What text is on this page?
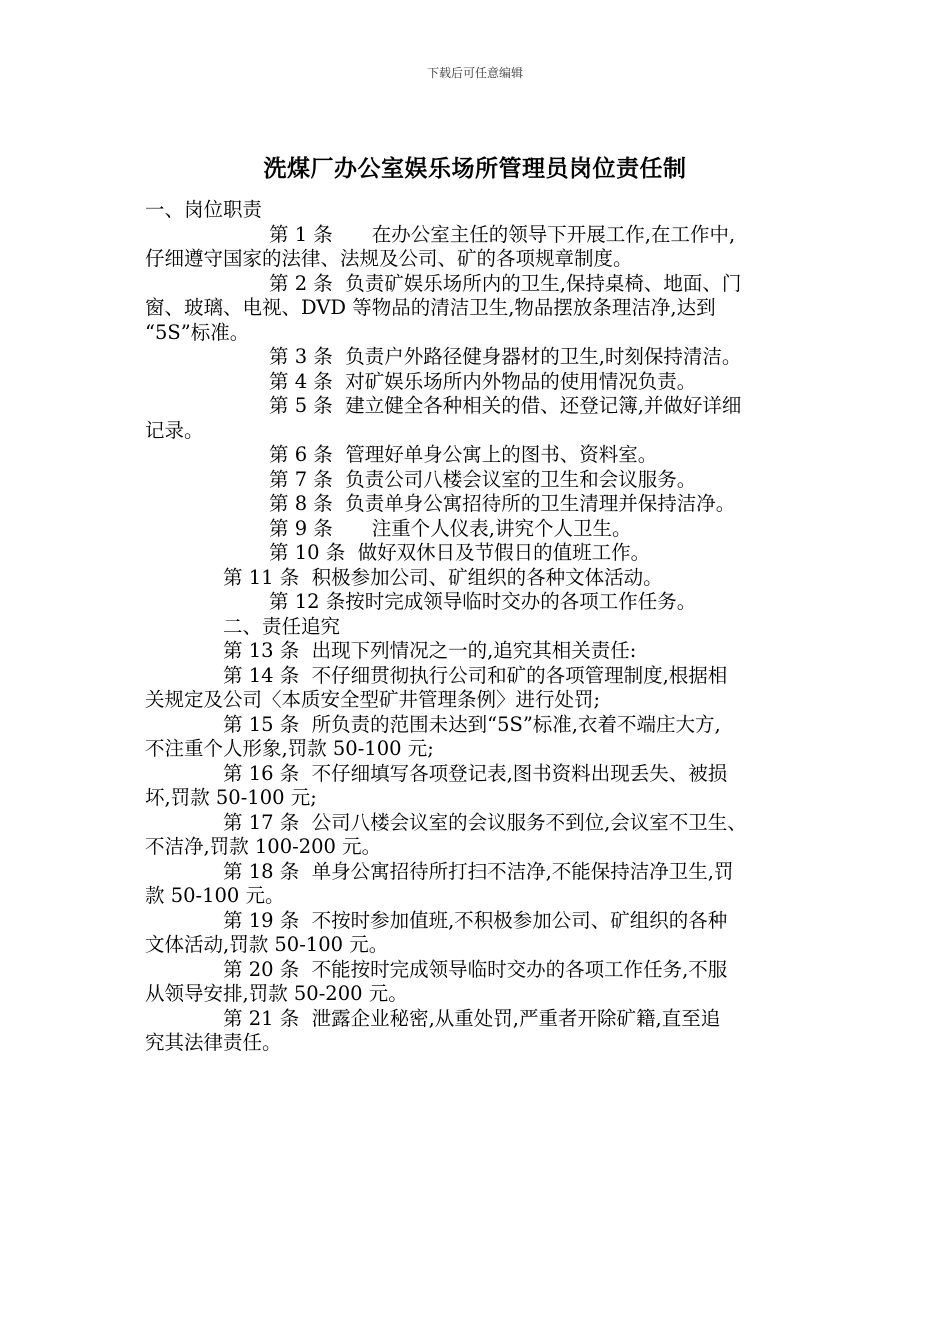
下载后可任意编辑
洗煤厂办公室娱乐场所管理员岗位责任制
一、岗位职责
第 1 条　　在办公室主任的领导下开展工作,在工作中,
仔细遵守国家的法律、法规及公司、矿的各项规章制度。
第 2 条  负责矿娱乐场所内的卫生,保持桌椅、地面、门
窗、玻璃、电视、DVD 等物品的清洁卫生,物品摆放条理洁净,达到
“5S”标准。
第 3 条  负责户外路径健身器材的卫生,时刻保持清洁。
第 4 条  对矿娱乐场所内外物品的使用情况负责。
第 5 条  建立健全各种相关的借、还登记簿,并做好详细
记录。
第 6 条  管理好单身公寓上的图书、资料室。
第 7 条  负责公司八楼会议室的卫生和会议服务。
第 8 条  负责单身公寓招待所的卫生清理并保持洁净。
第 9 条　　注重个人仪表,讲究个人卫生。
第 10 条  做好双休日及节假日的值班工作。
第 11 条  积极参加公司、矿组织的各种文体活动。
第 12 条按时完成领导临时交办的各项工作任务。
二、责任追究
第 13 条  出现下列情况之一的,追究其相关责任:
第 14 条  不仔细贯彻执行公司和矿的各项管理制度,根据相
关规定及公司〈本质安全型矿井管理条例〉进行处罚;
第 15 条  所负责的范围未达到“5S”标准,衣着不端庄大方,
不注重个人形象,罚款 50-100 元;
第 16 条  不仔细填写各项登记表,图书资料出现丢失、被损
坏,罚款 50-100 元;
第 17 条  公司八楼会议室的会议服务不到位,会议室不卫生、
不洁净,罚款 100-200 元。
第 18 条  单身公寓招待所打扫不洁净,不能保持洁净卫生,罚
款 50-100 元。
第 19 条  不按时参加值班,不积极参加公司、矿组织的各种
文体活动,罚款 50-100 元。
第 20 条  不能按时完成领导临时交办的各项工作任务,不服
从领导安排,罚款 50-200 元。
第 21 条  泄露企业秘密,从重处罚,严重者开除矿籍,直至追
究其法律责任。
